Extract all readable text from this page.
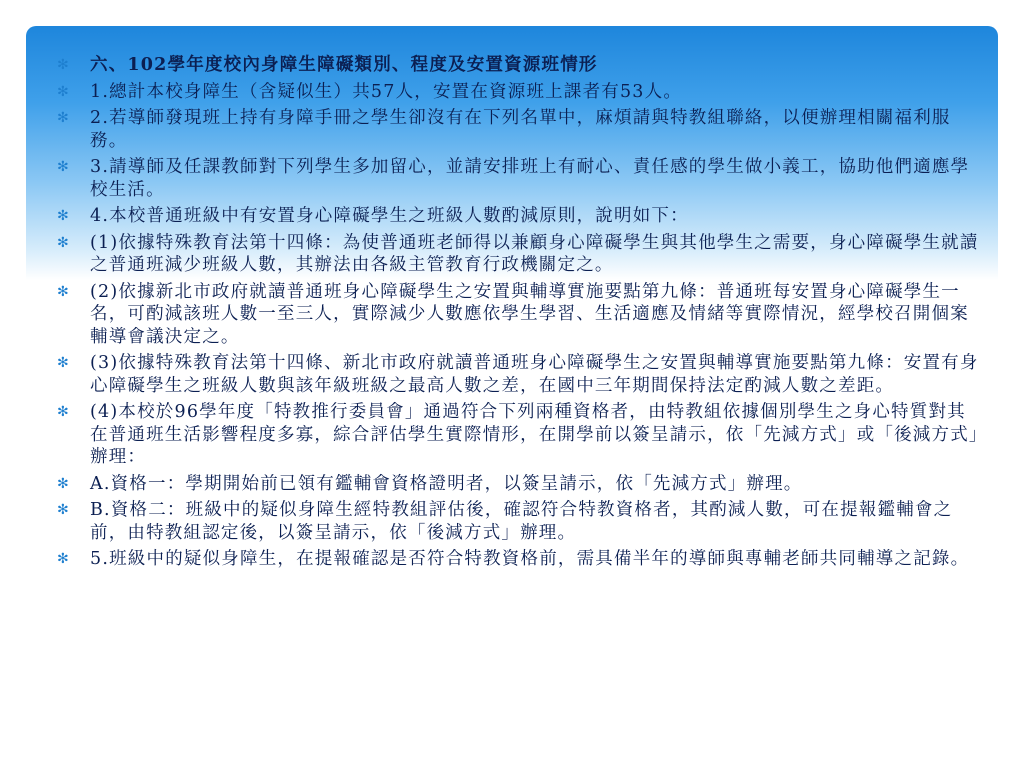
✻ 六、102學年度校內身障生障礙類別、程度及安置資源班情形
✻ 1.總計本校身障生（含疑似生）共57人，安置在資源班上課者有53人。
✻ 2.若導師發現班上持有身障手冊之學生卻沒有在下列名單中，麻煩請與特教組聯絡，以便辦理相關福利服務。
✻ 3.請導師及任課教師對下列學生多加留心，並請安排班上有耐心、責任感的學生做小義工，協助他們適應學校生活。
✻ 4.本校普通班級中有安置身心障礙學生之班級人數酌減原則，說明如下：
✻ (1)依據特殊教育法第十四條：為使普通班老師得以兼顧身心障礙學生與其他學生之需要，身心障礙學生就讀之普通班減少班級人數，其辦法由各級主管教育行政機關定之。
✻ (2)依據新北市政府就讀普通班身心障礙學生之安置與輔導實施要點第九條：普通班每安置身心障礙學生一名，可酌減該班人數一至三人，實際減少人數應依學生學習、生活適應及情緒等實際情況，經學校召開個案輔導會議決定之。
✻ (3)依據特殊教育法第十四條、新北市政府就讀普通班身心障礙學生之安置與輔導實施要點第九條：安置有身心障礙學生之班級人數與該年級班級之最高人數之差，在國中三年期間保持法定酌減人數之差距。
✻ (4)本校於96學年度「特教推行委員會」通過符合下列兩種資格者，由特教組依據個別學生之身心特質對其在普通班生活影響程度多寡，綜合評估學生實際情形，在開學前以簽呈請示，依「先減方式」或「後減方式」辦理：
✻ A.資格一：學期開始前已領有鑑輔會資格證明者，以簽呈請示，依「先減方式」辦理。
✻ B.資格二：班級中的疑似身障生經特教組評估後，確認符合特教資格者，其酌減人數，可在提報鑑輔會之前，由特教組認定後，以簽呈請示，依「後減方式」辦理。
✻ 5.班級中的疑似身障生，在提報確認是否符合特教資格前，需具備半年的導師與專輔老師共同輔導之記錄。
